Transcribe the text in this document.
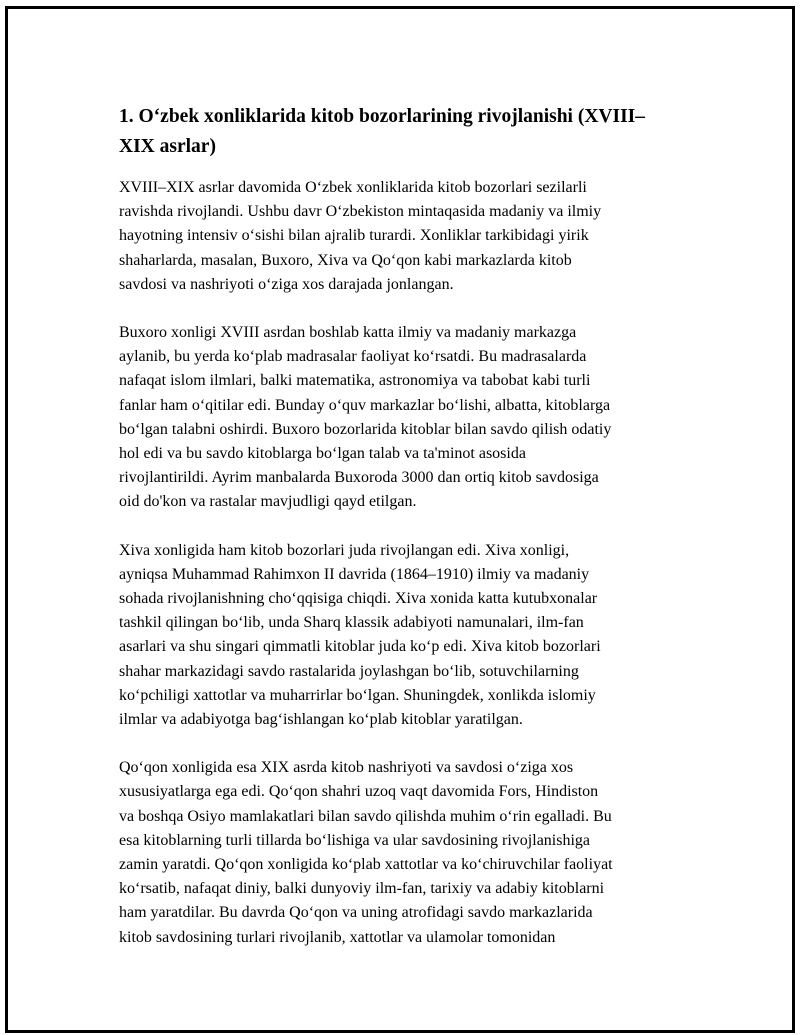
1. O‘zbek xonliklarida kitob bozorlarining rivojlanishi (XVIII–
XIX asrlar)

XVIII–XIX asrlar davomida O‘zbek xonliklarida kitob bozorlari sezilarli
ravishda rivojlandi. Ushbu davr O‘zbekiston mintaqasida madaniy va ilmiy
hayotning intensiv o‘sishi bilan ajralib turardi. Xonliklar tarkibidagi yirik
shaharlarda, masalan, Buxoro, Xiva va Qo‘qon kabi markazlarda kitob
savdosi va nashriyoti o‘ziga xos darajada jonlangan.

Buxoro xonligi XVIII asrdan boshlab katta ilmiy va madaniy markazga
aylanib, bu yerda ko‘plab madrasalar faoliyat ko‘rsatdi. Bu madrasalarda
nafaqat islom ilmlari, balki matematika, astronomiya va tabobat kabi turli
fanlar ham o‘qitilar edi. Bunday o‘quv markazlar bo‘lishi, albatta, kitoblarga
bo‘lgan talabni oshirdi. Buxoro bozorlarida kitoblar bilan savdo qilish odatiy
hol edi va bu savdo kitoblarga bo‘lgan talab va ta'minot asosida
rivojlantirildi. Ayrim manbalarda Buxoroda 3000 dan ortiq kitob savdosiga
oid do'kon va rastalar mavjudligi qayd etilgan.

Xiva xonligida ham kitob bozorlari juda rivojlangan edi. Xiva xonligi,
ayniqsa Muhammad Rahimxon II davrida (1864–1910) ilmiy va madaniy
sohada rivojlanishning cho‘qqisiga chiqdi. Xiva xonida katta kutubxonalar
tashkil qilingan bo‘lib, unda Sharq klassik adabiyoti namunalari, ilm-fan
asarlari va shu singari qimmatli kitoblar juda ko‘p edi. Xiva kitob bozorlari
shahar markazidagi savdo rastalarida joylashgan bo‘lib, sotuvchilarning
ko‘pchiligi xattotlar va muharrirlar bo‘lgan. Shuningdek, xonlikda islomiy
ilmlar va adabiyotga bag‘ishlangan ko‘plab kitoblar yaratilgan.

Qo‘qon xonligida esa XIX asrda kitob nashriyoti va savdosi o‘ziga xos
xususiyatlarga ega edi. Qo‘qon shahri uzoq vaqt davomida Fors, Hindiston
va boshqa Osiyo mamlakatlari bilan savdo qilishda muhim o‘rin egalladi. Bu
esa kitoblarning turli tillarda bo‘lishiga va ular savdosining rivojlanishiga
zamin yaratdi. Qo‘qon xonligida ko‘plab xattotlar va ko‘chiruvchilar faoliyat
ko‘rsatib, nafaqat diniy, balki dunyoviy ilm-fan, tarixiy va adabiy kitoblarni
ham yaratdilar. Bu davrda Qo‘qon va uning atrofidagi savdo markazlarida
kitob savdosining turlari rivojlanib, xattotlar va ulamolar tomonidan
